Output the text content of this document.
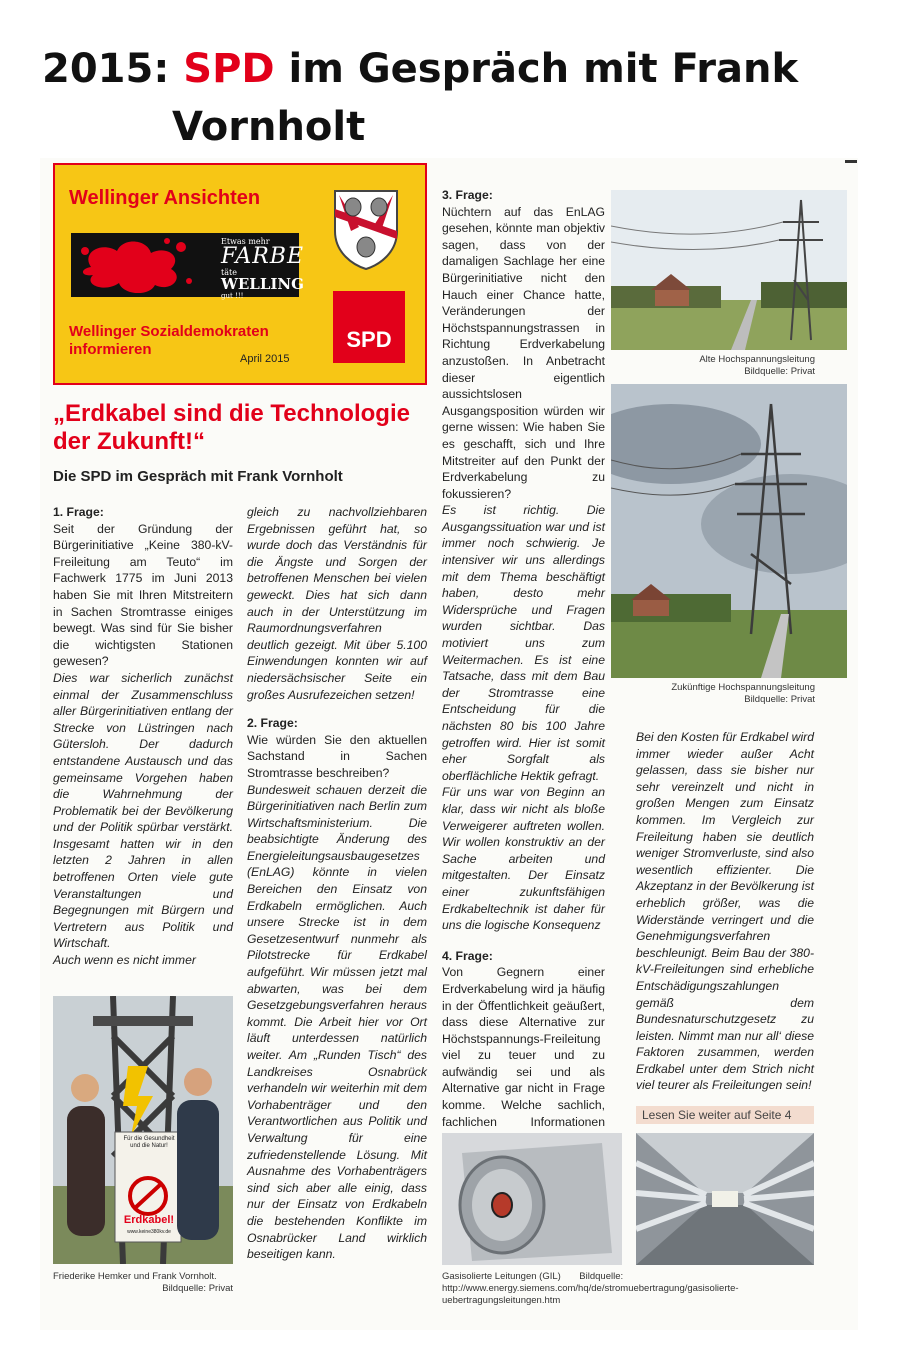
2015: SPD im Gespräch mit Frank
Vornholt
Wellinger Ansichten
Etwas mehr
FARBE
täte
WELLING
gut !!!
Wellinger Sozialdemokraten informieren
April 2015
SPD
„Erdkabel sind die Technologie der Zukunft!“
Die SPD im Gespräch mit Frank Vornholt
1. Frage:

Seit der Gründung der Bürgerinitiative „Keine 380-kV-Freileitung am Teuto“ im Fachwerk 1775 im Juni 2013 haben Sie mit Ihren Mitstreitern in Sachen Stromtrasse einiges bewegt. Was sind für Sie bisher die wichtigsten Stationen gewesen?

Dies war sicherlich zunächst einmal der Zusammenschluss aller Bürgerinitiativen entlang der Strecke von Lüstringen nach Gütersloh. Der dadurch entstandene Austausch und das gemeinsame Vorgehen haben die Wahrnehmung der Problematik bei der Bevölkerung und der Politik spürbar verstärkt. Insgesamt hatten wir in den letzten 2 Jahren in allen betroffenen Orten viele gute Veranstaltungen und Begegnungen mit Bürgern und Vertretern aus Politik und Wirtschaft.

Auch wenn es nicht immer

Für die Gesundheit und die Natur!
Erdkabel!
www.keine380kv.de
Friederike Hemker und Frank Vornholt.
Bildquelle: Privat

gleich zu nachvollziehbaren Ergebnissen geführt hat, so wurde doch das Verständnis für die Ängste und Sorgen der betroffenen Menschen bei vielen geweckt. Dies hat sich dann auch in der Unterstützung im Raumordnungsverfahren deutlich gezeigt. Mit über 5.100 Einwendungen konnten wir auf niedersächsischer Seite ein großes Ausrufezeichen setzen!

2. Frage:

Wie würden Sie den aktuellen Sachstand in Sachen Stromtrasse beschreiben?

Bundesweit schauen derzeit die Bürgerinitiativen nach Berlin zum Wirtschaftsministerium. Die beabsichtigte Änderung des Energieleitungsausbaugesetzes (EnLAG) könnte in vielen Bereichen den Einsatz von Erdkabeln ermöglichen. Auch unsere Strecke ist in dem Gesetzesentwurf nunmehr als Pilotstrecke für Erdkabel aufgeführt. Wir müssen jetzt mal abwarten, was bei dem Gesetzgebungsverfahren heraus kommt. Die Arbeit hier vor Ort läuft unterdessen natürlich weiter. Am „Runden Tisch“ des Landkreises Osnabrück verhandeln wir weiterhin mit dem Vorhabenträger und den Verantwortlichen aus Politik und Verwaltung für eine zufriedenstellende Lösung. Mit Ausnahme des Vorhabenträgers sind sich aber alle einig, dass nur der Einsatz von Erdkabeln die bestehenden Konflikte im Osnabrücker Land wirklich beseitigen kann.

3. Frage:

Nüchtern auf das EnLAG gesehen, könnte man objektiv sagen, dass von der damaligen Sachlage her eine Bürgerinitiative nicht den Hauch einer Chance hatte, Veränderungen der Höchstspannungstrassen in Richtung Erdverkabelung anzustoßen. In Anbetracht dieser eigentlich aussichtslosen Ausgangsposition würden wir gerne wissen: Wie haben Sie es geschafft, sich und Ihre Mitstreiter auf den Punkt der Erdverkabelung zu fokussieren?

Es ist richtig. Die Ausgangssituation war und ist immer noch schwierig. Je intensiver wir uns allerdings mit dem Thema beschäftigt haben, desto mehr Widersprüche und Fragen wurden sichtbar. Das motiviert uns zum Weitermachen. Es ist eine Tatsache, dass mit dem Bau der Stromtrasse eine Entscheidung für die nächsten 80 bis 100 Jahre getroffen wird. Hier ist somit eher Sorgfalt als oberflächliche Hektik gefragt.

Für uns war von Beginn an klar, dass wir nicht als bloße Verweigerer auftreten wollen. Wir wollen konstruktiv an der Sache arbeiten und mitgestalten. Der Einsatz einer zukunftsfähigen Erdkabeltechnik ist daher für uns die logische Konsequenz

4. Frage:

Von Gegnern einer Erdverkabelung wird ja häufig in der Öffentlichkeit geäußert, dass diese Alternative zur Höchstspannungs-Freileitung viel zu teuer und zu aufwändig sei und als Alternative gar nicht in Frage komme. Welche sachlich, fachlichen Informationen

Alte Hochspannungsleitung
Bildquelle: Privat
Zukünftige Hochspannungsleitung
Bildquelle: Privat

Bei den Kosten für Erdkabel wird immer wieder außer Acht gelassen, dass sie bisher nur sehr vereinzelt und nicht in großen Mengen zum Einsatz kommen. Im Vergleich zur Freileitung haben sie deutlich weniger Stromverluste, sind also wesentlich effizienter. Die Akzeptanz in der Bevölkerung ist erheblich größer, was die Widerstände verringert und die Genehmigungsverfahren beschleunigt. Beim Bau der 380-kV-Freileitungen sind erhebliche Entschädigungszahlungen gemäß dem Bundesnaturschutzgesetz zu leisten. Nimmt man nur all‘ diese Faktoren zusammen, werden Erdkabel unter dem Strich nicht viel teurer als Freileitungen sein!

Lesen Sie weiter auf Seite 4
Gasisolierte Leitungen (GIL) Bildquelle: http://www.energy.siemens.com/hq/de/stromuebertragung/gasisolierte-uebertragungsleitungen.htm
